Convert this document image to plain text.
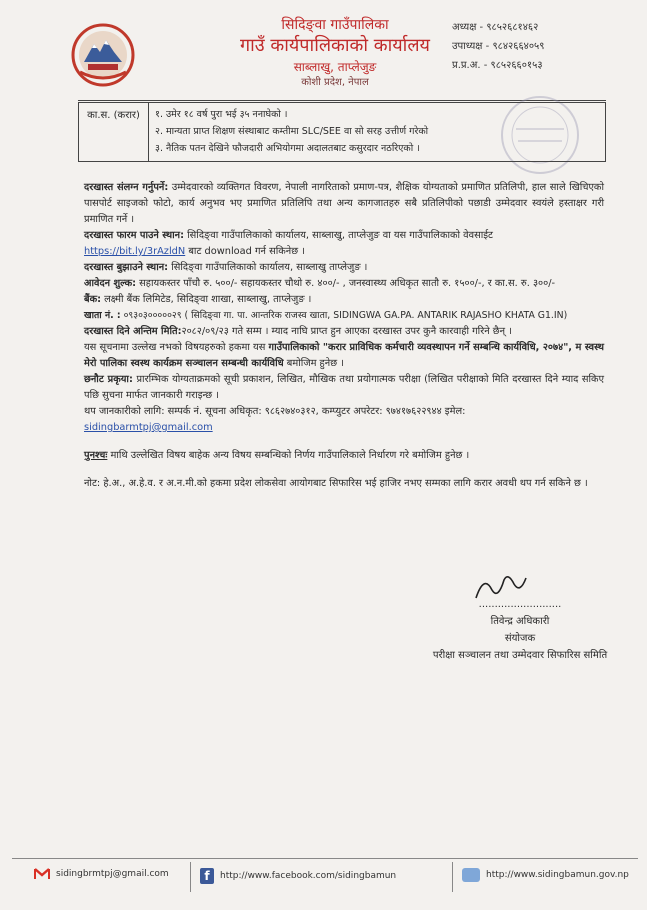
सिदिङ्वा गाउँपालिका
गाउँ कार्यपालिकाको कार्यालय
साब्लाखु, ताप्लेजुङ
कोशी प्रदेश, नेपाल
अध्यक्ष - ९८५२६८१४६२
उपाध्यक्ष - ९८४२६६४०५९
प्र.प्र.अ. - ९८५२६६०१५३
का.स. (करार)	१. उमेर १८ वर्ष पुरा भई ३५ ननाघेको ।
२. मान्यता प्राप्त शिक्षण संस्थाबाट कम्तीमा SLC/SEE वा सो सरह उत्तीर्ण गरेको
३. नैतिक पतन देखिने फौजदारी अभियोगमा अदालतबाट कसुरदार नठरिएको ।

दरखास्त संलग्न गर्नुपर्ने: उम्मेदवारको व्यक्तिगत विवरण, नेपाली नागरिताको प्रमाण-पत्र, शैक्षिक योग्यताको प्रमाणित प्रतिलिपी, हाल साले खिचिएको पासपोर्ट साइजको फोटो, कार्य अनुभव भए प्रमाणित प्रतिलिपि तथा अन्य कागजातहरु सबै प्रतिलिपीको पछाडी उम्मेदवार स्वयंले हस्ताक्षर गरी प्रमाणित गर्ने ।

दरखास्त फारम पाउने स्थान: सिदिङ्वा गाउँपालिकाको कार्यालय, साब्लाखु, ताप्लेजुङ वा यस गाउँपालिकाको वेवसाईट
https://bit.ly/3rAzldN बाट download गर्न सकिनेछ ।

दरखास्त बुझाउने स्थान: सिदिङ्वा गाउँपालिकाको कार्यालय, साब्लाखु ताप्लेजुङ ।

आवेदन शुल्क: सहायकस्तर पाँचौ रु. ५००/- सहायकस्तर चौथो रु. ४००/- , जनस्वास्थ्य अधिकृत सातौ रु. १५००/-, र का.स. रु. ३००/-

बैंक: लक्ष्मी बैंक लिमिटेड, सिदिङ्वा शाखा, साब्लाखु, ताप्लेजुङ ।

खाता नं. : ०९३०३०००००२९ ( सिदिङ्वा गा. पा. आन्तरिक राजस्व खाता, SIDINGWA GA.PA. ANTARIK RAJASHO KHATA G1.IN)

दरखास्त दिने अन्तिम मिति:२०८२/०९/२३ गते सम्म । म्याद नाघि प्राप्त हुन आएका दरखास्त उपर कुनै कारवाही गरिने छैन् ।

यस सूचनामा उल्लेख नभको विषयहरुको हकमा यस गाउँपालिकाको "करार प्राविधिक कर्मचारी व्यवस्थापन गर्ने सम्बन्धि कार्यविधि, २०७४", म स्वस्थ मेरो पालिका स्वस्थ कार्यक्रम सञ्चालन सम्बन्धी कार्यविधि बमोजिम हुनेछ ।

छनौट प्रकृया: प्रारम्भिक योग्यताक्रमको सूची प्रकाशन, लिखित, मौखिक तथा प्रयोगात्मक परीक्षा (लिखित परीक्षाको मिति दरखास्त दिने म्याद सकिए पछि सुचना मार्फत जानकारी गराइन्छ ।

थप जानकारीको लागि: सम्पर्क नं. सूचना अधिकृत: ९८६२७४०३१२, कम्प्युटर अपरेटर: ९७४१७६२२९४४ इमेल:
sidingbarmtpj@gmail.com

पुनश्चः माथि उल्लेखित विषय बाहेक अन्य विषय सम्बन्धिको निर्णय गाउँपालिकाले निर्धारण गरे बमोजिम हुनेछ ।

नोट: हे.अ., अ.हे.व. र अ.न.मी.को हकमा प्रदेश लोकसेवा आयोगबाट सिफारिस भई हाजिर नभए सम्मका लागि करार अवधी थप गर्न सकिने छ ।

..........................
तिवेन्द्र अधिकारी
संयोजक
परीक्षा सञ्चालन तथा उम्मेदवार सिफारिस समिति
sidingbrmtpj@gmail.com	f	http://www.facebook.com/sidingbamun	http://www.sidingbamun.gov.np
